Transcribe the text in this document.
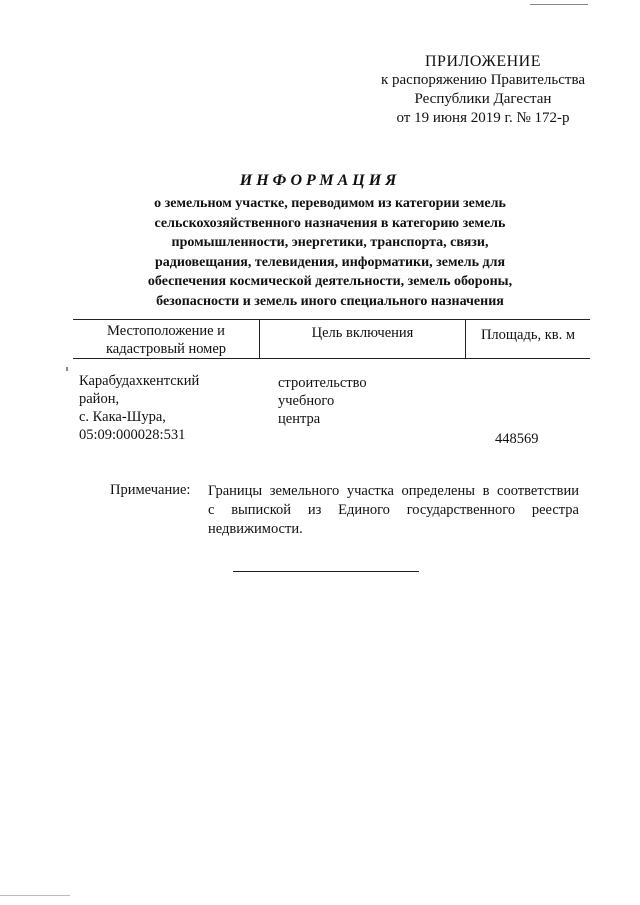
ПРИЛОЖЕНИЕ
к распоряжению Правительства
Республики Дагестан
от 19 июня 2019 г. № 172-р
ИНФОРМАЦИЯ
о земельном участке, переводимом из категории земель
сельскохозяйственного назначения в категорию земель
промышленности, энергетики, транспорта, связи,
радиовещания, телевидения, информатики, земель для
обеспечения космической деятельности, земель обороны,
безопасности и земель иного специального назначения
Местоположение и
кадастровый номер
Цель включения	Площадь, кв. м
Карабудахкентский
район,
с. Кака-Шура,
05:09:000028:531
строительство
учебного
центра
448569
Примечание: Границы земельного участка определены в соответствии
с выпиской из Единого государственного реестра
недвижимости.
